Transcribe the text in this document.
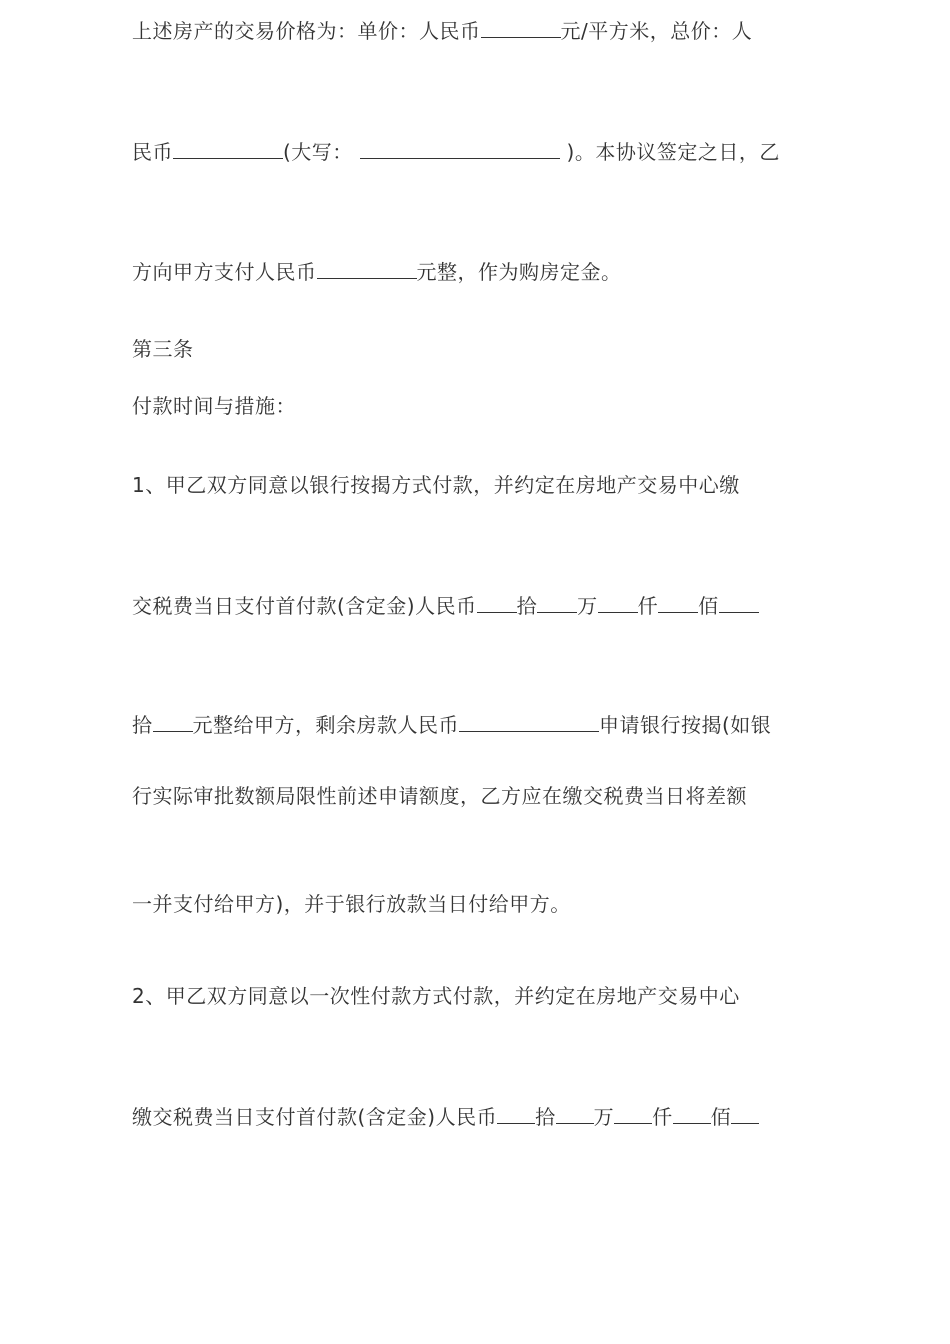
上述房产的交易价格为：单价：人民币	元/平方米，总价：人
民币	(大写：	)。本协议签定之日，乙
方向甲方支付人民币	元整，作为购房定金。
第三条
付款时间与措施：
1、甲乙双方同意以银行按揭方式付款，并约定在房地产交易中心缴
交税费当日支付首付款(含定金)人民币 拾 万 仟 佰
拾 元整给甲方，剩余房款人民币	申请银行按揭(如银
行实际审批数额局限性前述申请额度，乙方应在缴交税费当日将差额
一并支付给甲方)，并于银行放款当日付给甲方。
2、甲乙双方同意以一次性付款方式付款，并约定在房地产交易中心
缴交税费当日支付首付款(含定金)人民币 拾 万 仟 佰
